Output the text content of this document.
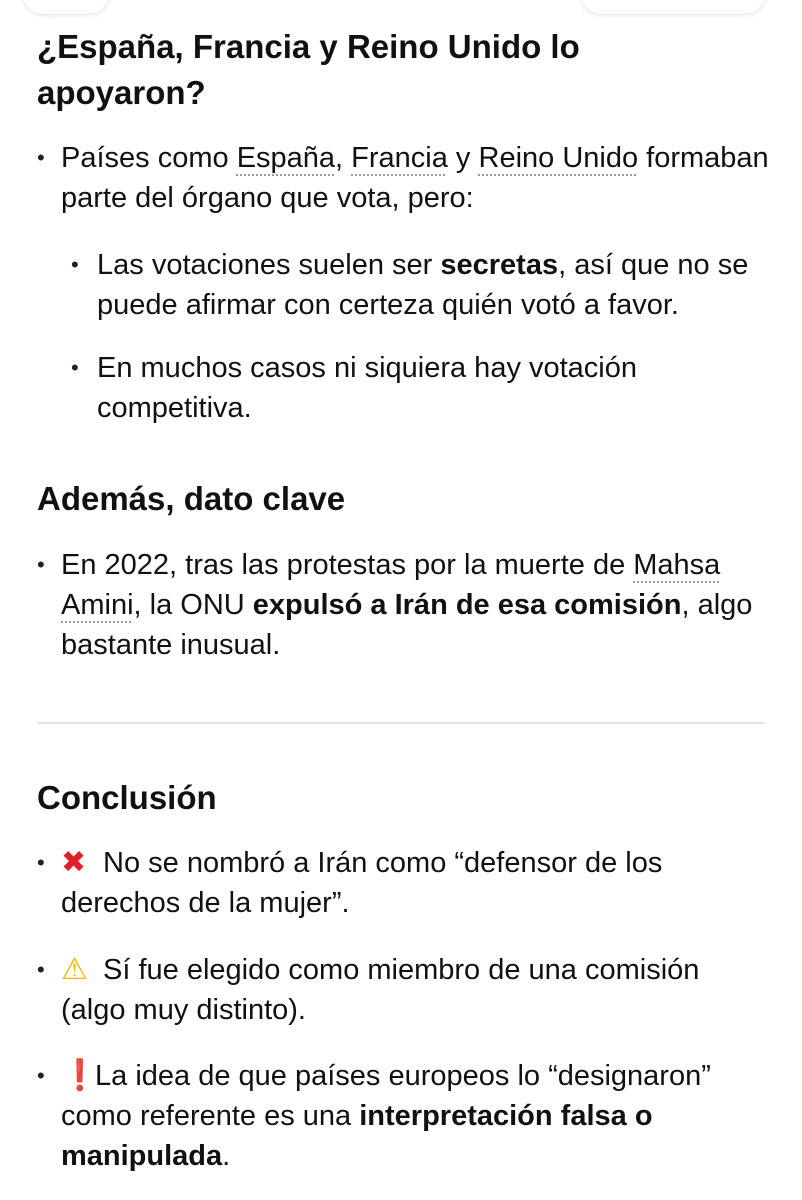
¿España, Francia y Reino Unido lo apoyaron?
• Países como España, Francia y Reino Unido formaban parte del órgano que vota, pero:
• Las votaciones suelen ser secretas, así que no se puede afirmar con certeza quién votó a favor.
• En muchos casos ni siquiera hay votación competitiva.
Además, dato clave
• En 2022, tras las protestas por la muerte de Mahsa Amini, la ONU expulsó a Irán de esa comisión, algo bastante inusual.
Conclusión
• ✖ No se nombró a Irán como “defensor de los derechos de la mujer”.
• ⚠ Sí fue elegido como miembro de una comisión (algo muy distinto).
• ❗La idea de que países europeos lo “designaron” como referente es una interpretación falsa o manipulada.
